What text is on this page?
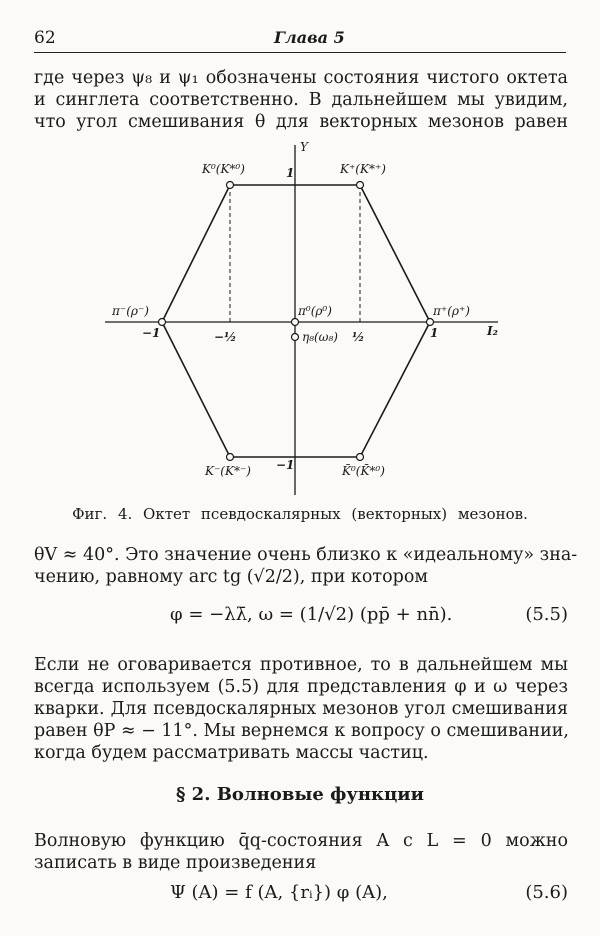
62	Глава 5
где через ψ₈ и ψ₁ обозначены состояния чистого октета
и синглета соответственно. В дальнейшем мы увидим,
что угол смешивания θ для векторных мезонов равен
Y
I₂
1
−1
−1	−½	½	1
K⁰(K*⁰)	K⁺(K*⁺)
π⁻(ρ⁻)	π⁰(ρ⁰)
η₈(ω₈)
π⁺(ρ⁺)
K⁻(K*⁻)	K̄⁰(K̄*⁰)
Фиг. 4. Октет псевдоскалярных (векторных) мезонов.
θV ≈ 40°. Это значение очень близко к «идеальному» зна-
чению, равному arc tg (√2/2), при котором
φ = −λλ̄, ω = (1/√2) (pp̄ + nn̄).	(5.5)
Если не оговаривается противное, то в дальнейшем мы
всегда используем (5.5) для представления φ и ω через
кварки. Для псевдоскалярных мезонов угол смешивания
равен θP ≈ − 11°. Мы вернемся к вопросу о смешивании,
когда будем рассматривать массы частиц.
§ 2. Волновые функции
Волновую функцию q̄q-состояния A с L = 0 можно
записать в виде произведения
Ψ (A) = f (A, {rᵢ}) φ (A),	(5.6)
